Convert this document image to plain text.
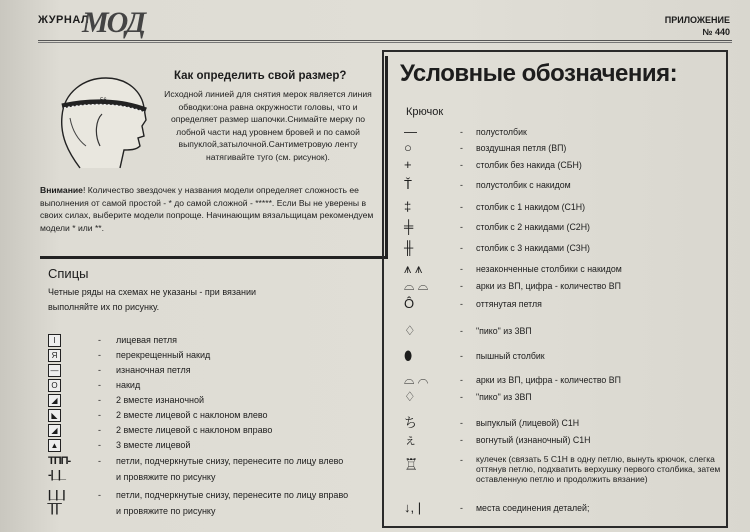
ЖУРНАЛ
МОД	ПРИЛОЖЕНИЕ
№ 440
56
Как определить свой размер?
Исходной линией для снятия мерок является линия обводки:она равна окружности головы, что и определяет размер шапочки.Снимайте мерку по лобной части над уровнем бровей и по самой выпуклой,затылочной.Сантиметровую ленту натягивайте туго (см. рисунок).
Внимание! Количество звездочек у названия модели определяет сложность ее выполнения от самой простой - * до самой сложной - *****. Если Вы не уверены в своих силах, выберите модели попроще. Начинающим вязальщицам рекомендуем модели * или **.
Спицы
Четные ряды на схемах не указаны - при вязании выполняйте их по рисунку.
I	- лицевая петля
Я	- перекрещенный накид
—	- изнаночная петля
O	- накид
◢	- 2 вместе изнаночной
◣	- 2 вместе лицевой с наклоном влево
◢	- 2 вместе лицевой с наклоном вправо
▲	- 3 вместе лицевой
ТПП--|_|_
- петли, подчеркнутые снизу, перенесите по лицу влево
и провяжите по рисунку
|_|_|‾|‾|‾
- петли, подчеркнутые снизу, перенесите по лицу вправо
и провяжите по рисунку
Условные обозначения:
Крючок
—	- полустолбик
○	- воздушная петля (ВП)
+	- столбик без накида (СБН)
Ť	- полустолбик с накидом
‡	- столбик с 1 накидом (С1Н)
╪	- столбик с 2 накидами (С2Н)
╫	- столбик с 3 накидами (С3Н)
⩚ ⩚	- незаконченные столбики с накидом
⌓ ⌓	- арки из ВП, цифра - количество ВП
Ô	- оттянутая петля
♢	- "пико" из 3ВП
⬮	- пышный столбик
⌓ ⌒	- арки из ВП, цифра - количество ВП
♢	- "пико" из 3ВП
ち	- выпуклый (лицевой) С1Н
ぇ	- вогнутый (изнаночный) С1Н
♖	- кулечек (связать 5 С1Н в одну петлю, вынуть крючок, слегка оттянув петлю, подхватить верхушку первого столбика, затем оставленную петлю и продолжить вязание)
↓, |	- места соединения деталей;
